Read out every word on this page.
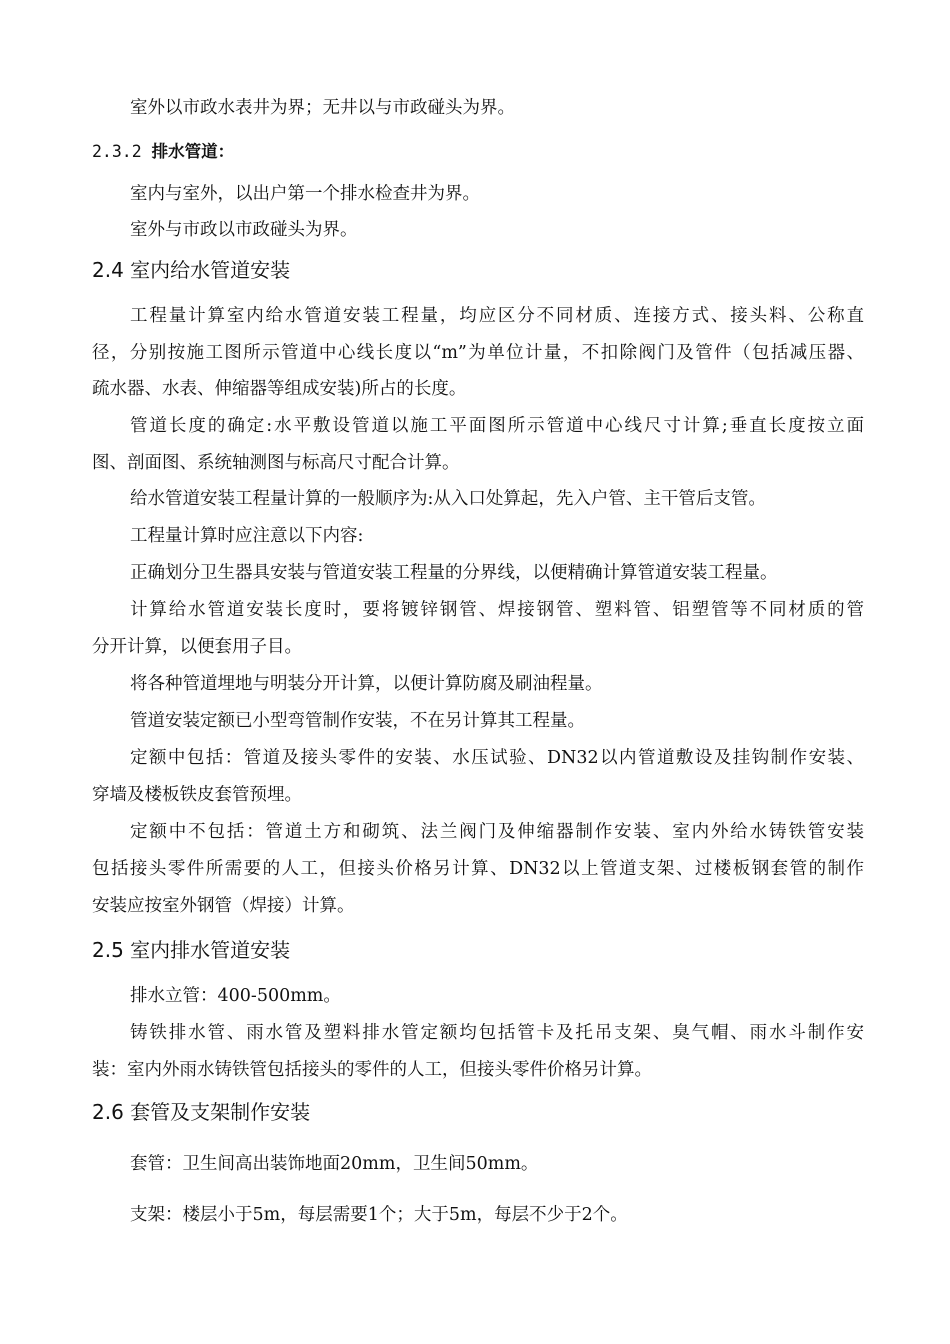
室外以市政水表井为界；无井以与市政碰头为界。
2.3.2 排水管道：
室内与室外，以出户第一个排水检查井为界。
室外与市政以市政碰头为界。
2.4 室内给水管道安装
工程量计算室内给水管道安装工程量，均应区分不同材质、连接方式、接头料、公称直
径，分别按施工图所示管道中心线长度以“m”为单位计量，不扣除阀门及管件（包括减压器、
疏水器、水表、伸缩器等组成安装)所占的长度。
管道长度的确定:水平敷设管道以施工平面图所示管道中心线尺寸计算;垂直长度按立面
图、剖面图、系统轴测图与标高尺寸配合计算。
给水管道安装工程量计算的一般顺序为:从入口处算起，先入户管、主干管后支管。
工程量计算时应注意以下内容:
正确划分卫生器具安装与管道安装工程量的分界线，以便精确计算管道安装工程量。
计算给水管道安装长度时，要将镀锌钢管、焊接钢管、塑料管、铝塑管等不同材质的管
分开计算，以便套用子目。
将各种管道埋地与明装分开计算，以便计算防腐及刷油程量。
管道安装定额已小型弯管制作安装，不在另计算其工程量。
定额中包括：管道及接头零件的安装、水压试验、DN32以内管道敷设及挂钩制作安装、
穿墙及楼板铁皮套管预埋。
定额中不包括：管道土方和砌筑、法兰阀门及伸缩器制作安装、室内外给水铸铁管安装
包括接头零件所需要的人工，但接头价格另计算、DN32以上管道支架、过楼板钢套管的制作
安装应按室外钢管（焊接）计算。
2.5 室内排水管道安装
排水立管：400-500mm。
铸铁排水管、雨水管及塑料排水管定额均包括管卡及托吊支架、臭气帽、雨水斗制作安
装：室内外雨水铸铁管包括接头的零件的人工，但接头零件价格另计算。
2.6 套管及支架制作安装
套管：卫生间高出装饰地面20mm，卫生间50mm。
支架：楼层小于5m，每层需要1个；大于5m，每层不少于2个。
